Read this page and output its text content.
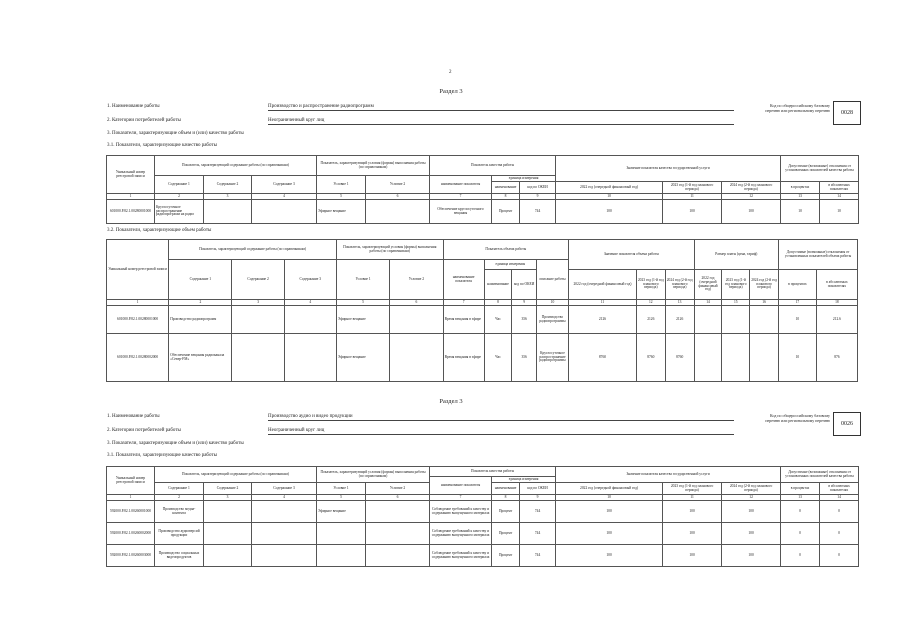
2
Раздел 3
1. Наименование работы	Производство и распространение радиопрограмм
2. Категории потребителей работы	Неограниченный круг лиц
3. Показатели, характеризующие объем и (или) качество работы
3.1. Показатели, характеризующие качество работы
Код по общероссийскому базовому перечню или региональному перечню	0028
Уникальный номер реестровой записи	Показатель, характеризующий содержание работы (по справочникам)			Показатель, характеризующий условия (формы) выполнения работы (по справочникам)		Показатель качества работы			Значение показателя качества государственной услуги			Допустимые (возможные) отклонения от установленных показателей качества работы	
	Содержание 1	Содержание 2	Содержание 3	Условие 1	Условие 2	наименование показателя	единица измерения						
							наименование	код по ОКЕИ	2022 год (очередной финансовый год)	2023 год (1-й год планового периода)	2024 год (2-й год планового периода)	в процентах	в абсолютных показателях
1	2	3	4	5	6	7	8	9	10	11	12	13	14
601000.Р.82.1.00280001000	Круглосуточное распространение радиопрограмм на радио			Эфирное вещание		Обеспечение круглосуточного вещания	Процент	744	100	100	100	10	10
3.2. Показатели, характеризующие объем работы
Уникальный номер реестровой записи	Показатель, характеризующий содержание работы (по справочникам)			Показатель, характеризующий условия (формы) выполнения работы (по справочникам)		Показатель объема работы				Значение показателя объема работы			Размер платы (цена, тариф)			Допустимые (возможные) отклонения от установленных показателей объема работы	
	Содержание 1	Содержание 2	Содержание 3	Условие 1	Условие 2	наименование показателя	единица измерения		описание работы								
							наименование	код по ОКЕИ		2022 год (очередной финансовый год)	2023 год (1-й год планового периода)	2024 год (2-й год планового периода)	2022 год (очередной финансовый год)	2023 год (1-й год планового периода)	2024 год (2-й год планового периода)	в процентах	в абсолютных показателях
1	2	3	4	5	6	7	8	9	10	11	12	13	14	15	16	17	18
601000.Р.82.1.00280001000	Производство радиопрограмм			Эфирное вещание		Время вещания в эфире	Час	356	Производство радиопрограммы	2126	2126	2126				10	212.6
601000.Р.82.1.00280002000	Обеспечение вещания радиоканала «Север-FM»			Эфирное вещание		Время вещания в эфире	Час	356	Круглосуточное распространение радиопрограммы	8760	8760	8760				10	876
Раздел 3
1. Наименование работы	Производство аудио и видео продукции
2. Категории потребителей работы	Неограниченный круг лиц
3. Показатели, характеризующие объем и (или) качество работы
3.1. Показатели, характеризующие качество работы
Код по общероссийскому базовому перечню или региональному перечню
0026
Уникальный номер реестровой записи	Показатель, характеризующий содержание работы (по справочникам)			Показатель, характеризующий условия (формы) выполнения работы (по справочникам)		Показатель качества работы			Значение показателя качества государственной услуги			Допустимые (возможные) отклонения от установленных показателей качества работы	
						наименование показателя	единица измерения						
	Содержание 1	Содержание 2	Содержание 3	Условие 1	Условие 2		наименование	код по ОКЕИ	2022 год (очередной финансовый год)	2023 год (1-й год планового периода)	2024 год (2-й год планового периода)	в процентах	в абсолютных показателях
1	2	3	4	5	6	7	8	9	10	11	12	13	14
592000.Р.82.1.00260001000	Производство медиа-контента			Эфирное вещание		Соблюдение требований к качеству и содержанию выпущенного материала	Процент	744	100	100	100	0	0
592000.Р.82.1.00260002000	Производство аудиоверсий продукции					Соблюдение требований к качеству и содержанию выпущенного материала	Процент	744	100	100	100	0	0
592000.Р.82.1.00260003000	Производство социальных видеопродуктов					Соблюдение требований к качеству и содержанию выпущенного материала	Процент	744	100	100	100	0	0
